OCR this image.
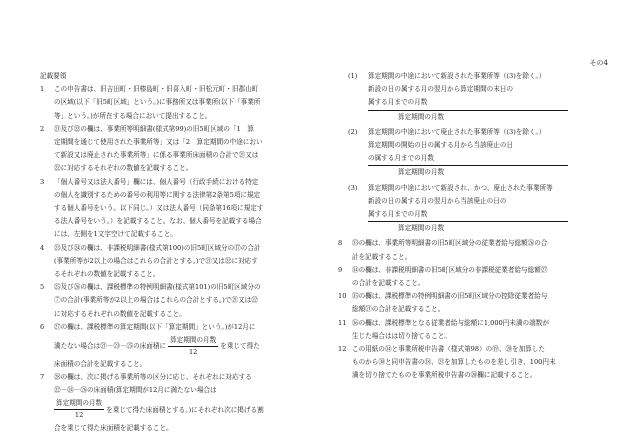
その4

記載要領

1 この申告書は、旧吉田町・旧榛島町・旧喜入町・旧松元町・旧郡山町

の区域(以下「旧5町区域」という。)に事務所又は事業所(以下「事業所

等」という。)が所在する場合において提出すること。

2 ㉑及び㉒の欄は、事業所等明細書(様式第99)の旧5町区域の「1　算

定期間を通じて使用された事業所等」又は「2　算定期間の中途におい

て新設又は廃止された事業所等」に係る事業所床面積の合計で㉑又は

㉒に対応するそれぞれの数値を記載すること。

3 「個人番号又は法人番号」欄には、個人番号（行政手続における特定

の個人を識別するための番号の利用等に関する法律第2条第5項に規定

する個人番号をいう。以下同じ。）又は法人番号（同条第16項に規定す

る法人番号をいう。）を記載すること。なお、個人番号を記載する場合

には、左側を1文字空けて記載すること。

4 ㉓及び㉔の欄は、非課税明細書(様式第100)の旧5町区域分の⑰の合計

(事業所等が2以上の場合はこれらの合計とする。)で㉑又は㉒に対応す

るそれぞれの数値を記載すること。

5 ㉕及び㉖の欄は、課税標準の特例明細書(様式第101)の旧5町区域分の

⑦の合計(事業所等が2以上の場合はこれらの合計とする。)で㉑又は㉒

に対応するそれぞれの数値を記載すること。

6 ㉗の欄は、課税標準の算定期間(以下「算定期間」という。)が12月に

満たない場合は㉑－㉓－㉕の床面積に $\frac{\text{算定期間の月数}}{12}$ を乗じて得た

床面積の合計を記載すること。

7 ㉘の欄は、次に掲げる事業所等の区分に応じ、それぞれに対応する

㉒－㉔－㉖の床面積(算定期間が12月に満たない場合は

$\frac{\text{算定期間の月数}}{12}$ を乗じて得た床面積とする。)にそれぞれ次に掲げる割

合を乗じて得た床面積を記載すること。

(1) 算定期間の中途において新設された事業所等（(3)を除く。）

新設の日の属する月の翌月から算定期間の末日の

属する月までの月数

算定期間の月数
(2) 算定期間の中途において廃止された事業所等（(3)を除く。）

算定期間の開始の日の属する月から当該廃止の日

の属する月までの月数

算定期間の月数
(3) 算定期間の中途において新設され、かつ、廃止された事業所等

新設の日の属する月の翌月から当該廃止の日の

属する月までの月数

算定期間の月数
8 ㉝の欄は、事業所等明細書の旧5町区域分の従業者給与総額㉖の合

計を記載すること。

9 ㉞の欄は、非課税明細書の旧5町区域分の非課税従業者給与総額㉗

の合計を記載すること。

10 ㉟の欄は、課税標準の特例明細書の旧5町区域分の控除従業者給与

総額㉑の合計を記載すること。

11 ㊱の欄は、課税標準となる従業者給与総額に1,000円未満の端数が

生じた場合はは切り捨てること。

12 この用紙の㉞と事業所税申告書（様式第98）の⑲、⑳を加算した

ものから㉚と同申告書の⑱、㉑を加算したものを差し引き、100円未

満を切り捨てたものを事業所税申告書の㉘欄に記載すること。
